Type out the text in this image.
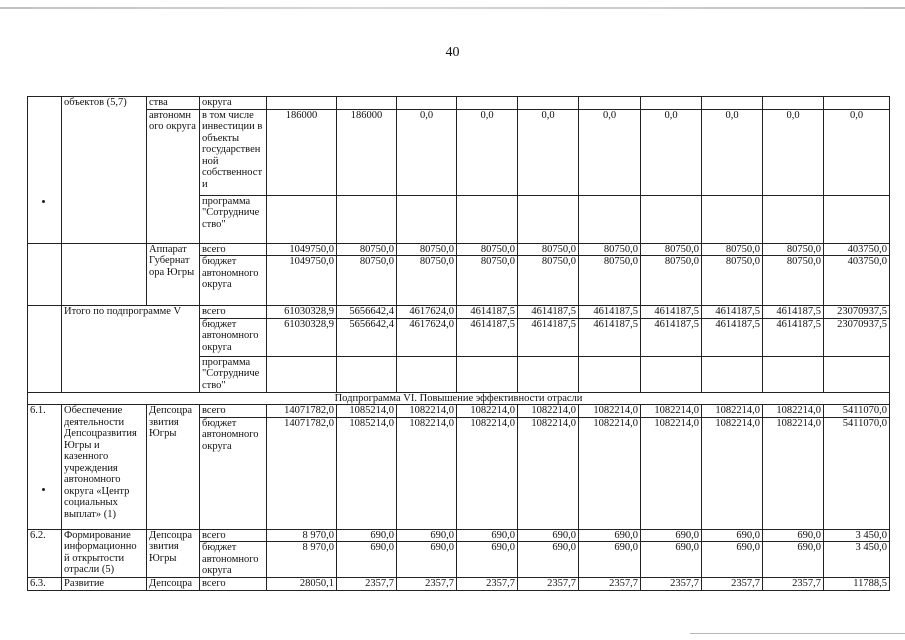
40
	объектов (5,7)	ства	округа										
		автономн ого округа	в том числе инвестиции в объекты государствен ной собственност и	186000	186000	0,0	0,0	0,0	0,0	0,0	0,0	0,0	0,0
			программа "Сотрудниче ство"										
		Аппарат Губернат ора Югры	всего	1049750,0	80750,0	80750,0	80750,0	80750,0	80750,0	80750,0	80750,0	80750,0	403750,0
			бюджет автономного округа	1049750,0	80750,0	80750,0	80750,0	80750,0	80750,0	80750,0	80750,0	80750,0	403750,0
	Итого по подпрограмме V		всего	61030328,9	5656642,4	4617624,0	4614187,5	4614187,5	4614187,5	4614187,5	4614187,5	4614187,5	23070937,5
			бюджет автономного округа	61030328,9	5656642,4	4617624,0	4614187,5	4614187,5	4614187,5	4614187,5	4614187,5	4614187,5	23070937,5
			программа "Сотрудниче ство"										
Подпрограмма VI. Повышение эффективности отрасли													
6.1.	Обеспечение деятельности Депсоцразвития Югры и казенного учреждения автономного округа «Центр социальных выплат» (1)	Депсоцра звития Югры	всего	14071782,0	1085214,0	1082214,0	1082214,0	1082214,0	1082214,0	1082214,0	1082214,0	1082214,0	5411070,0
			бюджет автономного округа	14071782,0	1085214,0	1082214,0	1082214,0	1082214,0	1082214,0	1082214,0	1082214,0	1082214,0	5411070,0
6.2.	Формирование информационно й открытости отрасли (5)	Депсоцра звития Югры	всего	8 970,0	690,0	690,0	690,0	690,0	690,0	690,0	690,0	690,0	3 450,0
			бюджет автономного округа	8 970,0	690,0	690,0	690,0	690,0	690,0	690,0	690,0	690,0	3 450,0
6.3.	Развитие	Депсоцра	всего	28050,1	2357,7	2357,7	2357,7	2357,7	2357,7	2357,7	2357,7	2357,7	11788,5
